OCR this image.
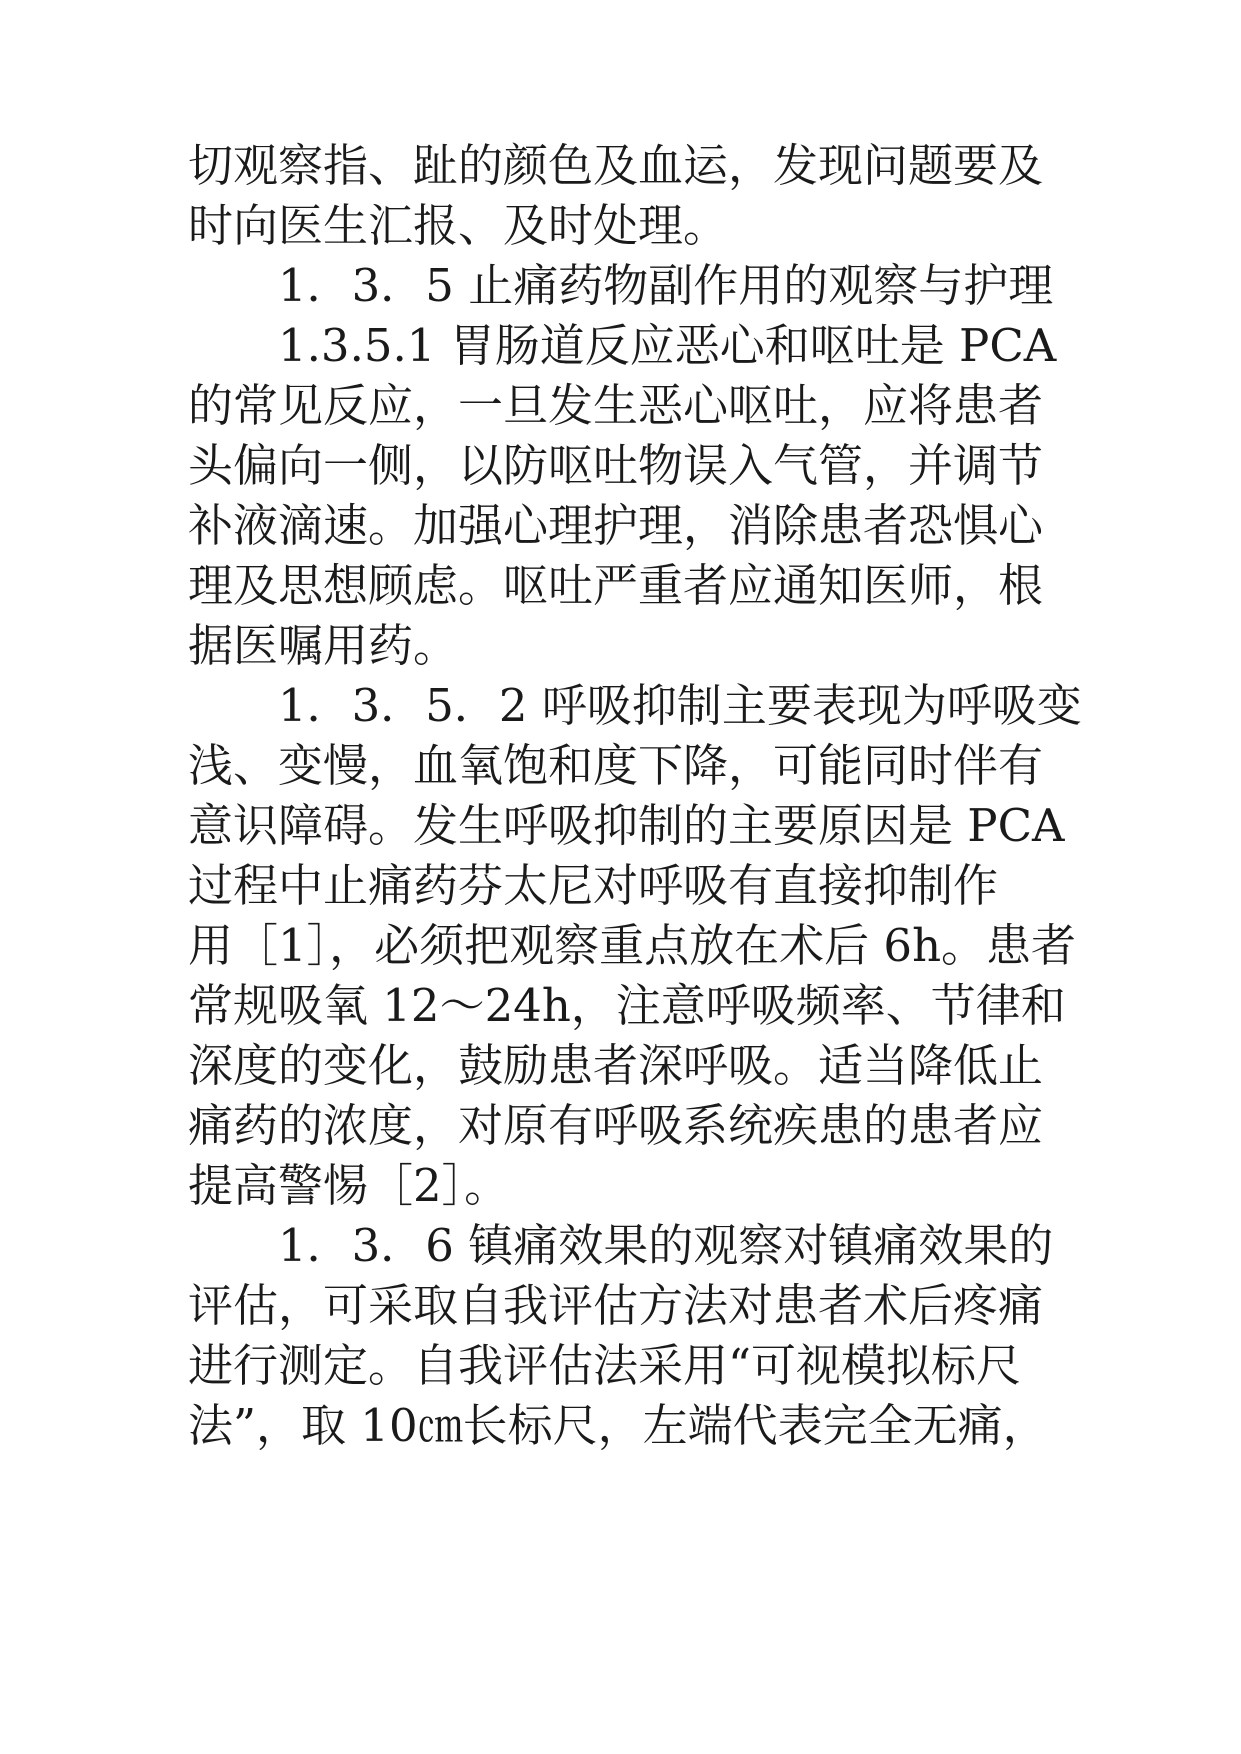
切观察指、趾的颜色及血运，发现问题要及
时向医生汇报、及时处理。
1．3．5 止痛药物副作用的观察与护理
1.3.5.1 胃肠道反应恶心和呕吐是 PCA
的常见反应，一旦发生恶心呕吐，应将患者
头偏向一侧，以防呕吐物误入气管，并调节
补液滴速。加强心理护理，消除患者恐惧心
理及思想顾虑。呕吐严重者应通知医师，根
据医嘱用药。
1．3．5．2 呼吸抑制主要表现为呼吸变
浅、变慢，血氧饱和度下降，可能同时伴有
意识障碍。发生呼吸抑制的主要原因是 PCA
过程中止痛药芬太尼对呼吸有直接抑制作
用［1］，必须把观察重点放在术后 6h。患者
常规吸氧 12～24h，注意呼吸频率、节律和
深度的变化，鼓励患者深呼吸。适当降低止
痛药的浓度，对原有呼吸系统疾患的患者应
提高警惕［2］。
1．3．6 镇痛效果的观察对镇痛效果的
评估，可采取自我评估方法对患者术后疼痛
进行测定。自我评估法采用“可视模拟标尺
法”，取 10㎝长标尺，左端代表完全无痛，
